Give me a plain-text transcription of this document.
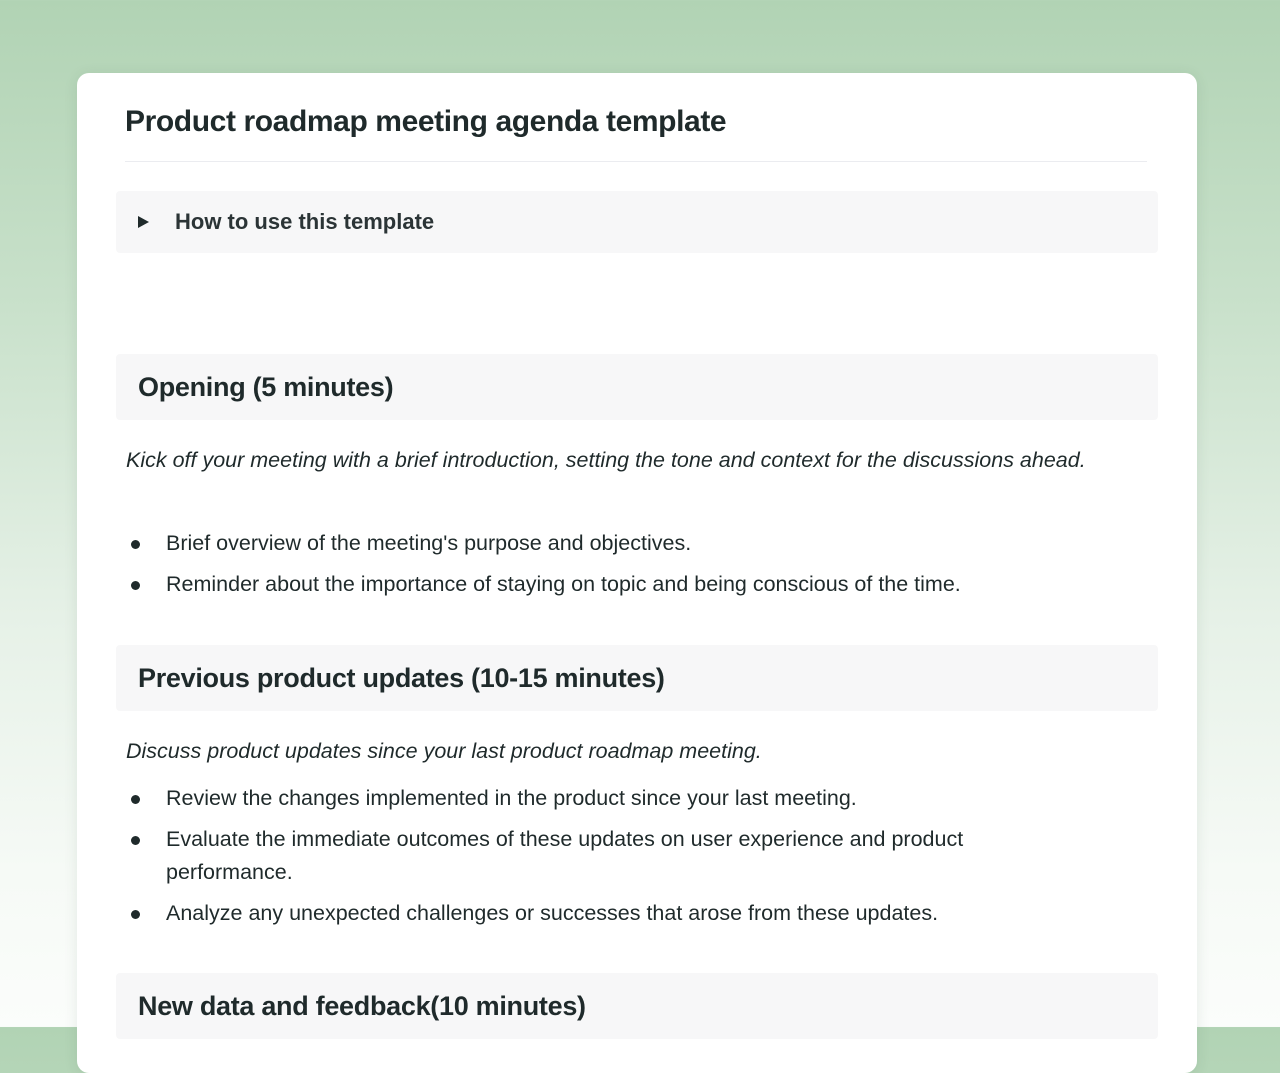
Product roadmap meeting agenda template
How to use this template
Opening (5 minutes)

Kick off your meeting with a brief introduction, setting the tone and context for the discussions ahead.

Brief overview of the meeting's purpose and objectives.
Reminder about the importance of staying on topic and being conscious of the time.
Previous product updates (10-15 minutes)

Discuss product updates since your last product roadmap meeting.

Review the changes implemented in the product since your last meeting.
Evaluate the immediate outcomes of these updates on user experience and product performance.
Analyze any unexpected challenges or successes that arose from these updates.
New data and feedback(10 minutes)
